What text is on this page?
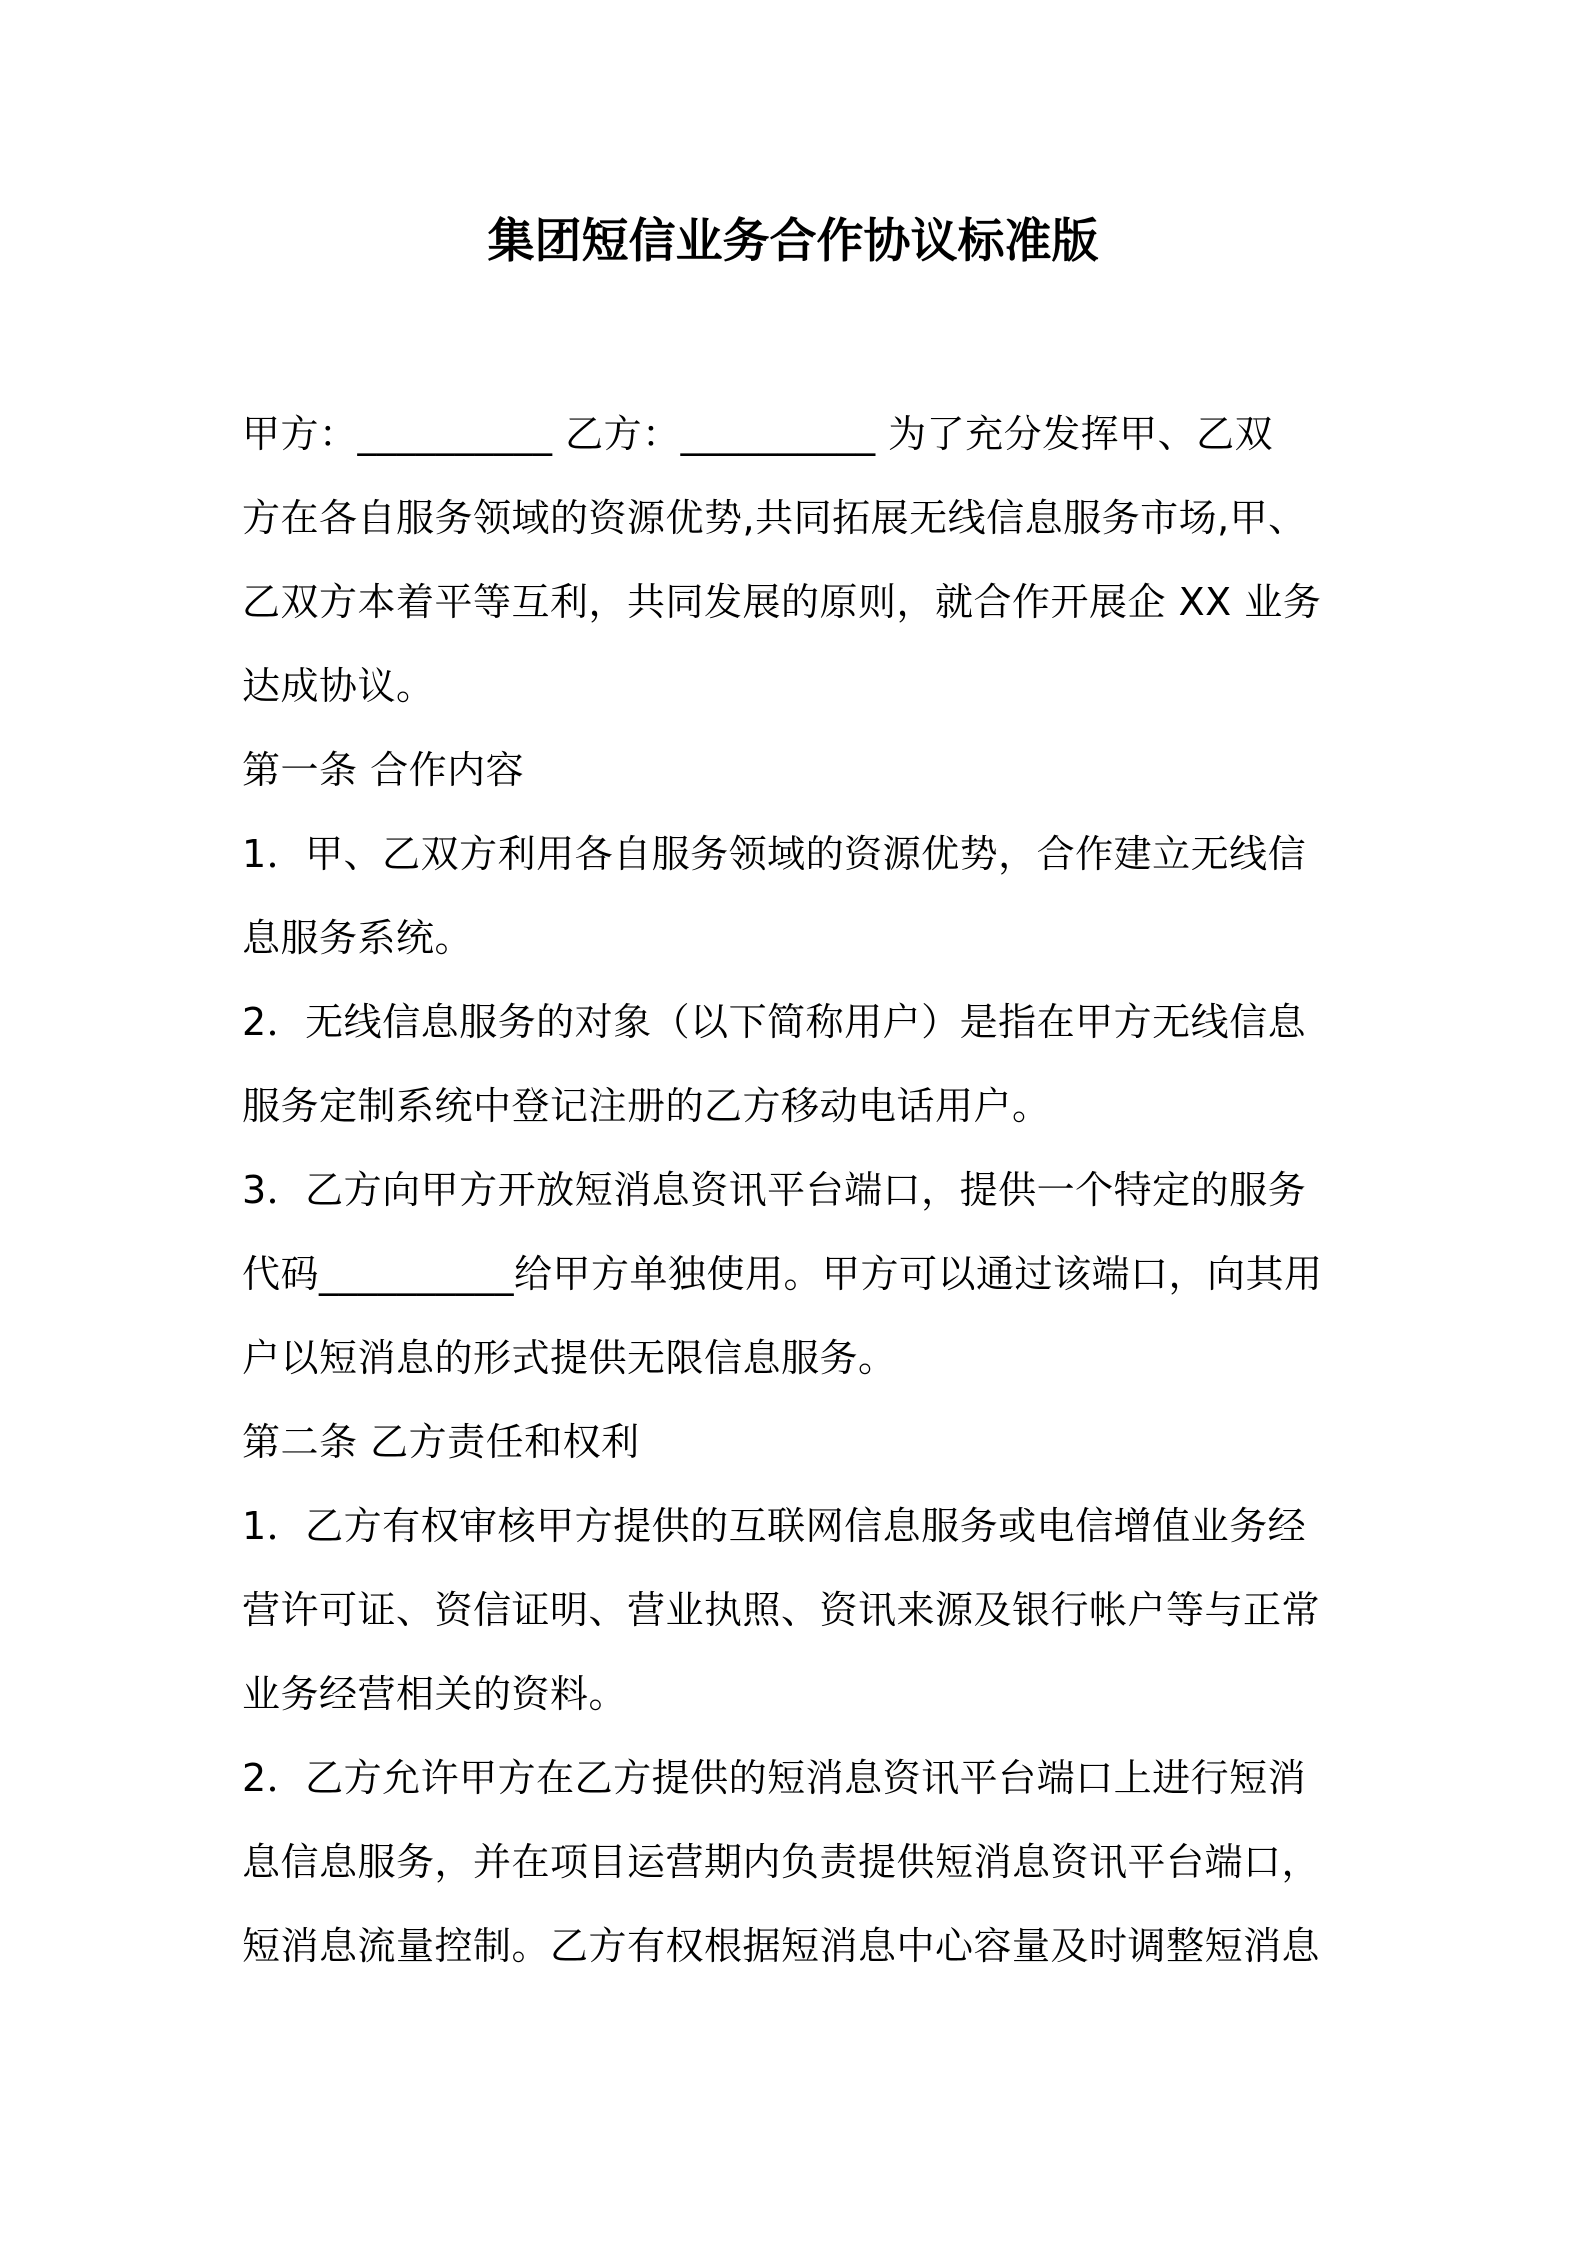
集团短信业务合作协议标准版
甲方：__________ 乙方：__________ 为了充分发挥甲、乙双
方在各自服务领域的资源优势,共同拓展无线信息服务市场,甲、
乙双方本着平等互利，共同发展的原则，就合作开展企 XX 业务
达成协议。
第一条 合作内容
1．甲、乙双方利用各自服务领域的资源优势，合作建立无线信
息服务系统。
2．无线信息服务的对象（以下简称用户）是指在甲方无线信息
服务定制系统中登记注册的乙方移动电话用户。
3．乙方向甲方开放短消息资讯平台端口，提供一个特定的服务
代码__________给甲方单独使用。甲方可以通过该端口，向其用
户以短消息的形式提供无限信息服务。
第二条 乙方责任和权利
1．乙方有权审核甲方提供的互联网信息服务或电信增值业务经
营许可证、资信证明、营业执照、资讯来源及银行帐户等与正常
业务经营相关的资料。
2．乙方允许甲方在乙方提供的短消息资讯平台端口上进行短消
息信息服务，并在项目运营期内负责提供短消息资讯平台端口，
短消息流量控制。乙方有权根据短消息中心容量及时调整短消息
